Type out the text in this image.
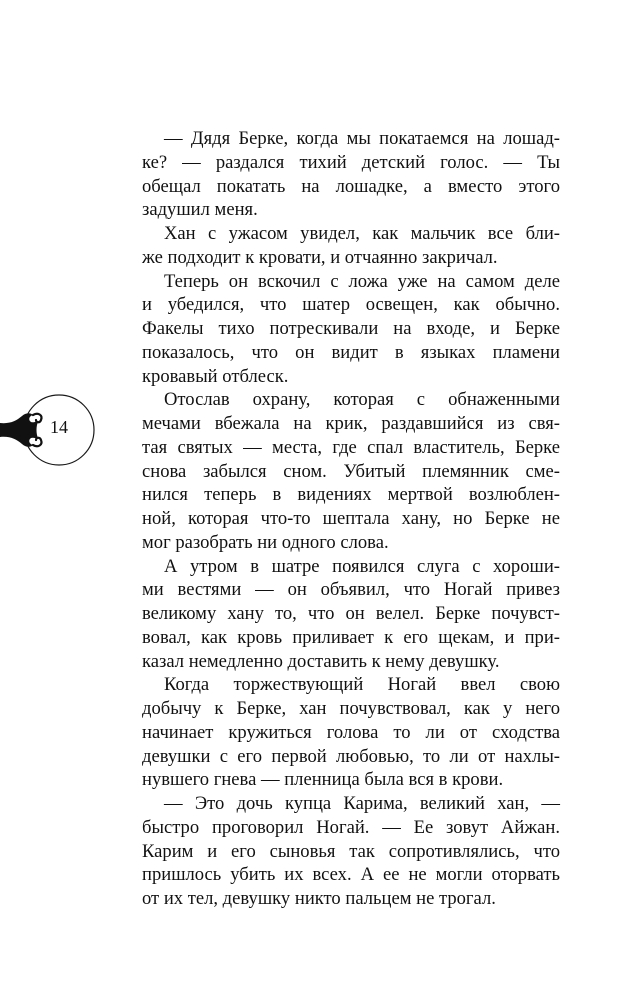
14
— Дядя Берке, когда мы покатаемся на лошад-
ке? — раздался тихий детский голос. — Ты
обещал покатать на лошадке, а вместо этого
задушил меня.
Хан с ужасом увидел, как мальчик все бли-
же подходит к кровати, и отчаянно закричал.
Теперь он вскочил с ложа уже на самом деле
и убедился, что шатер освещен, как обычно.
Факелы тихо потрескивали на входе, и Берке
показалось, что он видит в языках пламени
кровавый отблеск.
Отослав охрану, которая с обнаженными
мечами вбежала на крик, раздавшийся из свя-
тая святых — места, где спал властитель, Берке
снова забылся сном. Убитый племянник сме-
нился теперь в видениях мертвой возлюблен-
ной, которая что-то шептала хану, но Берке не
мог разобрать ни одного слова.
А утром в шатре появился слуга с хороши-
ми вестями — он объявил, что Ногай привез
великому хану то, что он велел. Берке почувст-
вовал, как кровь приливает к его щекам, и при-
казал немедленно доставить к нему девушку.
Когда торжествующий Ногай ввел свою
добычу к Берке, хан почувствовал, как у него
начинает кружиться голова то ли от сходства
девушки с его первой любовью, то ли от нахлы-
нувшего гнева — пленница была вся в крови.
— Это дочь купца Карима, великий хан, —
быстро проговорил Ногай. — Ее зовут Айжан.
Карим и его сыновья так сопротивлялись, что
пришлось убить их всех. А ее не могли оторвать
от их тел, девушку никто пальцем не трогал.
